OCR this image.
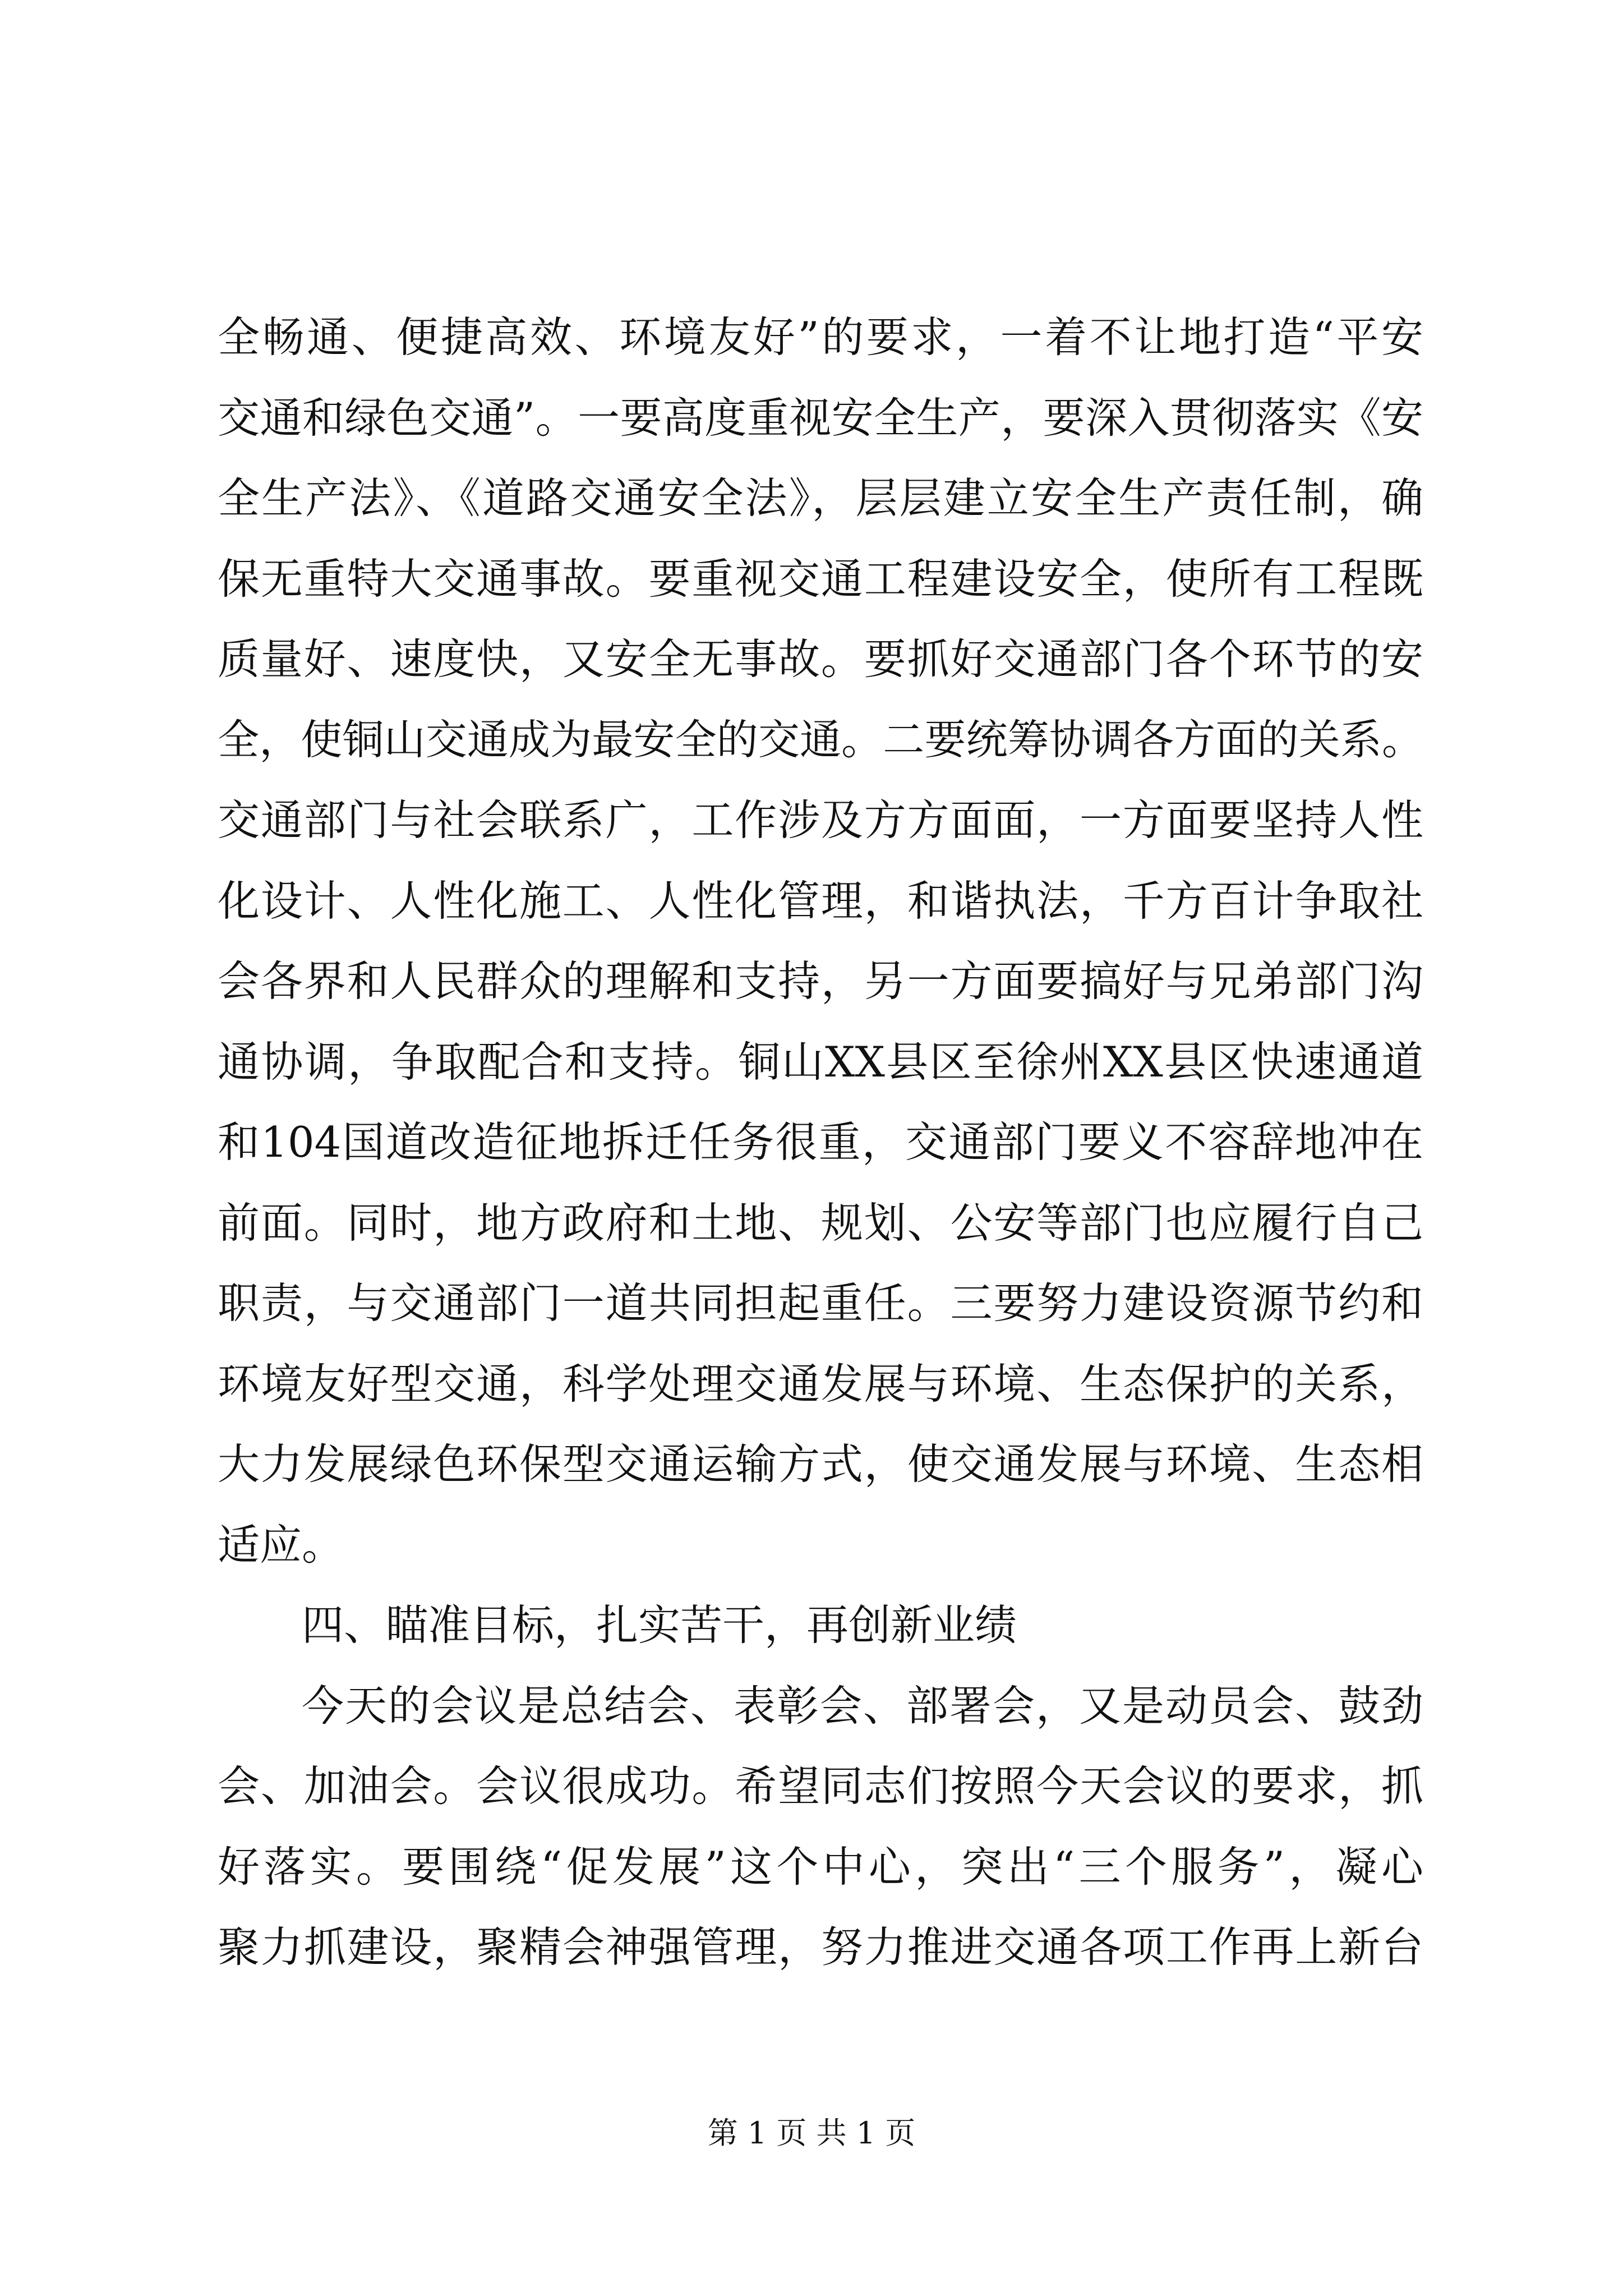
全畅通、便捷高效、环境友好”的要求，一着不让地打造“平安
交通和绿色交通”。一要高度重视安全生产，要深入贯彻落实《安
全生产法》、《道路交通安全法》，层层建立安全生产责任制，确
保无重特大交通事故。要重视交通工程建设安全，使所有工程既
质量好、速度快，又安全无事故。要抓好交通部门各个环节的安
全，使铜山交通成为最安全的交通。二要统筹协调各方面的关系。
交通部门与社会联系广，工作涉及方方面面，一方面要坚持人性
化设计、人性化施工、人性化管理，和谐执法，千方百计争取社
会各界和人民群众的理解和支持，另一方面要搞好与兄弟部门沟
通协调，争取配合和支持。铜山XX县区至徐州XX县区快速通道
和104国道改造征地拆迁任务很重，交通部门要义不容辞地冲在
前面。同时，地方政府和土地、规划、公安等部门也应履行自己
职责，与交通部门一道共同担起重任。三要努力建设资源节约和
环境友好型交通，科学处理交通发展与环境、生态保护的关系，
大力发展绿色环保型交通运输方式，使交通发展与环境、生态相
适应。
四、瞄准目标，扎实苦干，再创新业绩
今天的会议是总结会、表彰会、部署会，又是动员会、鼓劲
会、加油会。会议很成功。希望同志们按照今天会议的要求，抓
好落实。要围绕“促发展”这个中心，突出“三个服务”，凝心
聚力抓建设，聚精会神强管理，努力推进交通各项工作再上新台
第 1 页 共 1 页
